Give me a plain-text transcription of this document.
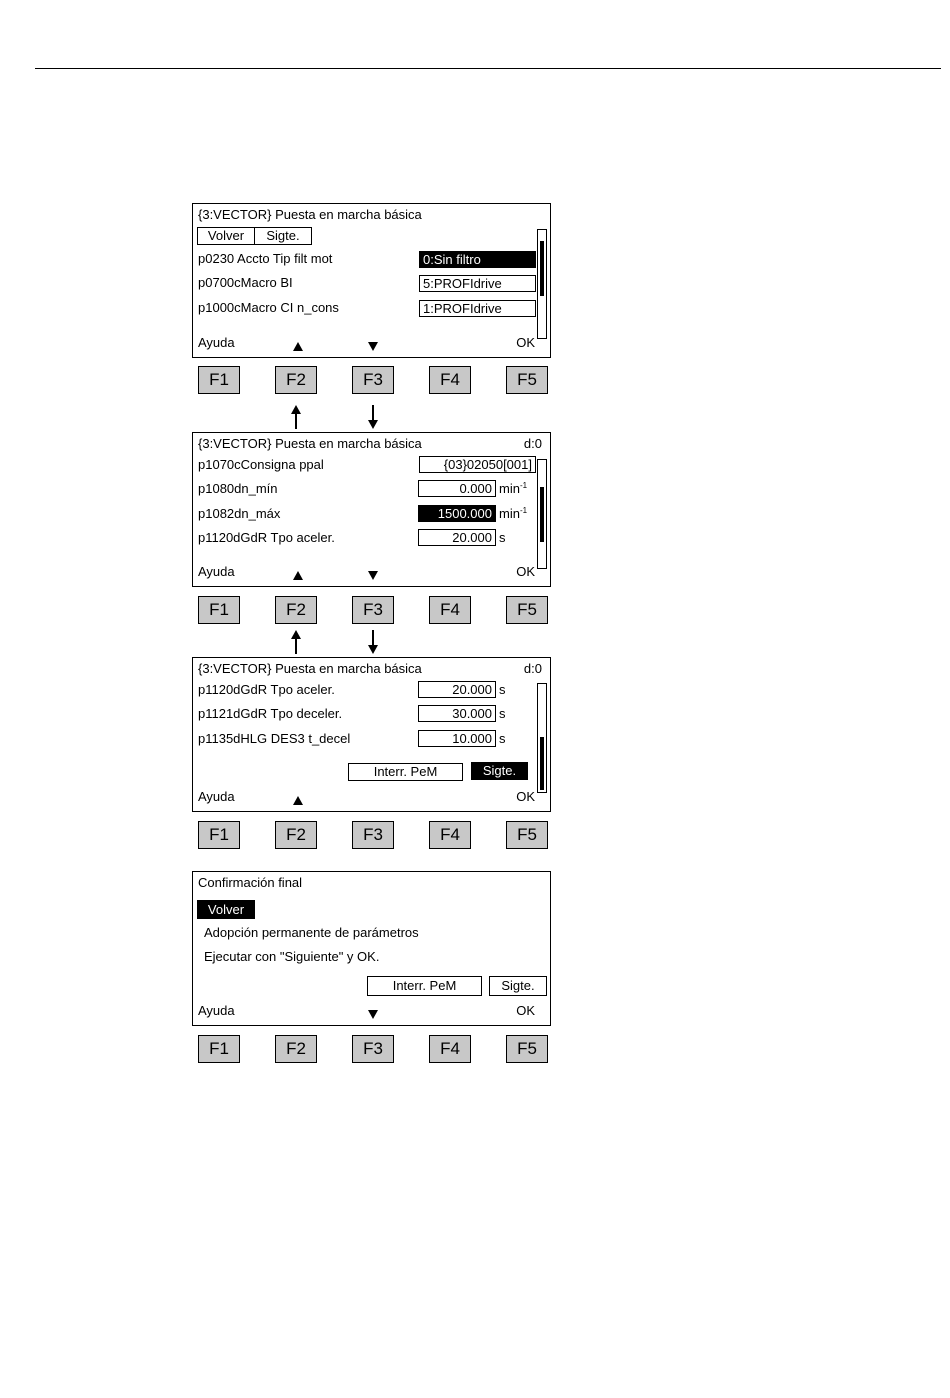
{3:VECTOR} Puesta en marcha básica
Volver	Sigte.
p0230 Accto Tip filt mot	0:Sin filtro
p0700cMacro BI	5:PROFIdrive
p1000cMacro CI n_cons	1:PROFIdrive
Ayuda	OK
F1	F2	F3	F4	F5
{3:VECTOR} Puesta en marcha básica	d:0
p1070cConsigna ppal	{03}02050[001]
p1080dn_mín	0.000 $\min^{-1}$
p1082dn_máx	1500.000 $\min^{-1}$
p1120dGdR Tpo aceler.	20.000 s
Ayuda	OK
F1	F2	F3	F4	F5
{3:VECTOR} Puesta en marcha básica	d:0
p1120dGdR Tpo aceler.	20.000 s
p1121dGdR Tpo deceler.	30.000 s
p1135dHLG DES3 t_decel	10.000 s
Interr. PeM	Sigte.
Ayuda	OK
F1	F2	F3	F4	F5
Confirmación final
Volver
Adopción permanente de parámetros
Ejecutar con "Siguiente" y OK.
Interr. PeM	Sigte.
Ayuda	OK
F1	F2	F3	F4	F5
